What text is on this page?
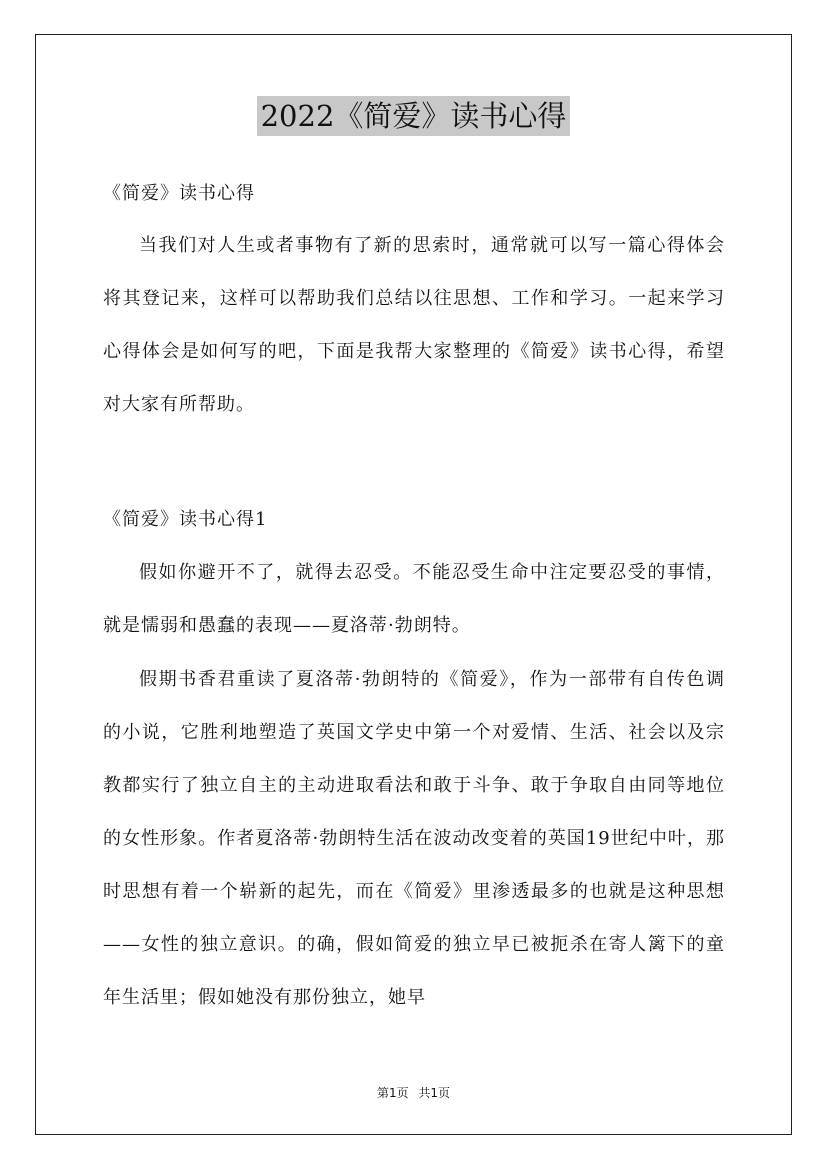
2022《简爱》读书心得
《简爱》读书心得
当我们对人生或者事物有了新的思索时，通常就可以写一篇心得体会将其登记来，这样可以帮助我们总结以往思想、工作和学习。一起来学习心得体会是如何写的吧，下面是我帮大家整理的《简爱》读书心得，希望对大家有所帮助。
《简爱》读书心得1
假如你避开不了，就得去忍受。不能忍受生命中注定要忍受的事情，就是懦弱和愚蠢的表现——夏洛蒂·勃朗特。
假期书香君重读了夏洛蒂·勃朗特的《简爱》，作为一部带有自传色调的小说，它胜利地塑造了英国文学史中第一个对爱情、生活、社会以及宗教都实行了独立自主的主动进取看法和敢于斗争、敢于争取自由同等地位的女性形象。作者夏洛蒂·勃朗特生活在波动改变着的英国19世纪中叶，那时思想有着一个崭新的起先，而在《简爱》里渗透最多的也就是这种思想——女性的独立意识。的确，假如简爱的独立早已被扼杀在寄人篱下的童年生活里；假如她没有那份独立，她早
第1页 共1页
